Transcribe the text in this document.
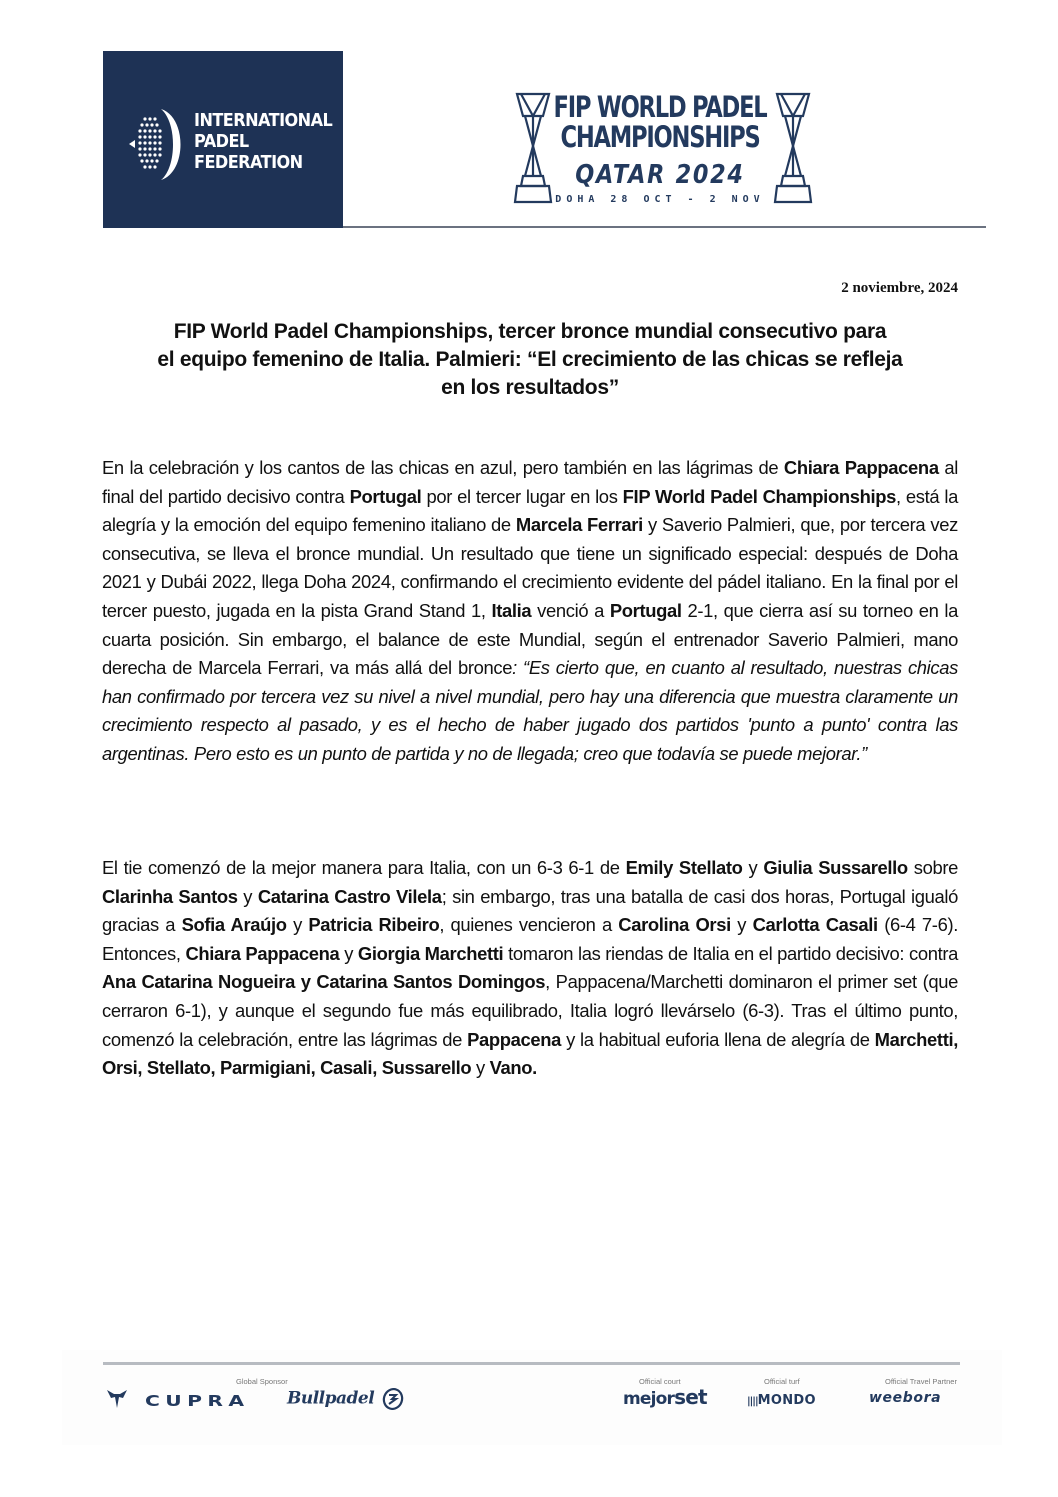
INTERNATIONAL
PADEL
FEDERATION
FIP WORLD PADEL
CHAMPIONSHIPS
QATAR 2024
DOHA 28 OCT - 2 NOV
2 noviembre, 2024
FIP World Padel Championships, tercer bronce mundial consecutivo para
el equipo femenino de Italia. Palmieri: “El crecimiento de las chicas se refleja
en los resultados”

En la celebración y los cantos de las chicas en azul, pero también en las lágrimas de Chiara Pappacena al final del partido decisivo contra Portugal por el tercer lugar en los FIP World Padel Championships, está la alegría y la emoción del equipo femenino italiano de Marcela Ferrari y Saverio Palmieri, que, por tercera vez consecutiva, se lleva el bronce mundial. Un resultado que tiene un significado especial: después de Doha 2021 y Dubái 2022, llega Doha 2024, confirmando el crecimiento evidente del pádel italiano. En la final por el tercer puesto, jugada en la pista Grand Stand 1, Italia venció a Portugal 2-1, que cierra así su torneo en la cuarta posición. Sin embargo, el balance de este Mundial, según el entrenador Saverio Palmieri, mano derecha de Marcela Ferrari, va más allá del bronce: “Es cierto que, en cuanto al resultado, nuestras chicas han confirmado por tercera vez su nivel a nivel mundial, pero hay una diferencia que muestra claramente un crecimiento respecto al pasado, y es el hecho de haber jugado dos partidos 'punto a punto' contra las argentinas. Pero esto es un punto de partida y no de llegada; creo que todavía se puede mejorar.”

El tie comenzó de la mejor manera para Italia, con un 6-3 6-1 de Emily Stellato y Giulia Sussarello sobre Clarinha Santos y Catarina Castro Vilela; sin embargo, tras una batalla de casi dos horas, Portugal igualó gracias a Sofia Araújo y Patricia Ribeiro, quienes vencieron a Carolina Orsi y Carlotta Casali (6-4 7-6). Entonces, Chiara Pappacena y Giorgia Marchetti tomaron las riendas de Italia en el partido decisivo: contra Ana Catarina Nogueira y Catarina Santos Domingos, Pappacena/Marchetti dominaron el primer set (que cerraron 6-1), y aunque el segundo fue más equilibrado, Italia logró llevárselo (6-3). Tras el último punto, comenzó la celebración, entre las lágrimas de Pappacena y la habitual euforia llena de alegría de Marchetti, Orsi, Stellato, Parmigiani, Casali, Sussarello y Vano.

Global Sponsor
CUPRA Bullpadel
Official court
mejorset
Official turf
||||MONDO
Official Travel Partner
weebora
